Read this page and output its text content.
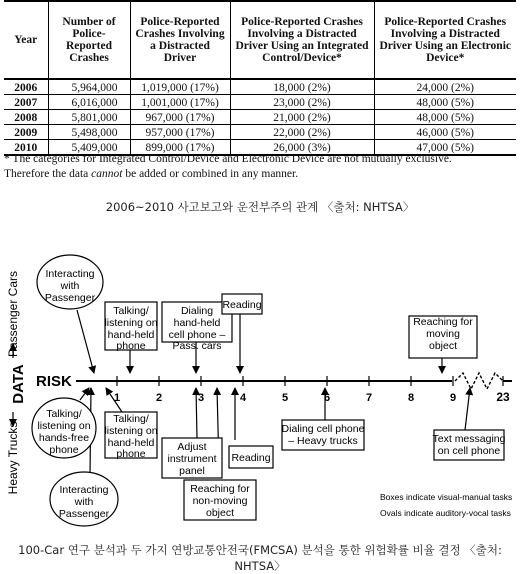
Year	Number of Police-Reported Crashes	Police-Reported Crashes Involving a Distracted Driver	Police-Reported Crashes Involving a Distracted Driver Using an Integrated Control/Device*	Police-Reported Crashes Involving a Distracted Driver Using an Electronic Device*
2006	5,964,000	1,019,000 (17%)	18,000 (2%)	24,000 (2%)
2007	6,016,000	1,001,000 (17%)	23,000 (2%)	48,000 (5%)
2008	5,801,000	967,000 (17%)	21,000 (2%)	48,000 (5%)
2009	5,498,000	957,000 (17%)	22,000 (2%)	46,000 (5%)
2010	5,409,000	899,000 (17%)	26,000 (3%)	47,000 (5%)
* The categories for Integrated Control/Device and Electronic Device are not mutually exclusive.
Therefore the data cannot be added or combined in any manner.
2006~2010 사고보고와 운전부주의 관계 〈출처: NHTSA〉
Passenger Cars
DATA
Heavy Trucks
RISK
1	2	3	4	5	6	7	8	9	23
Interacting with Passenger
Talking/ listening on hand-held phone
Dialing hand-held cell phone –
Pass. cars
Reading
Reaching for moving object
Talking/ listening on hands-free phone
Interacting with Passenger
Talking/ listening on hand-held phone
Adjust instrument panel
Reaching for non-moving object
Reading
Dialing cell phone – Heavy trucks	Text messaging on cell phone
Boxes indicate visual-manual tasks
Ovals indicate auditory-vocal tasks
100-Car 연구 분석과 두 가지 연방교통안전국(FMCSA) 분석을 통한 위험확률 비율 결정 〈출처: NHTSA〉
